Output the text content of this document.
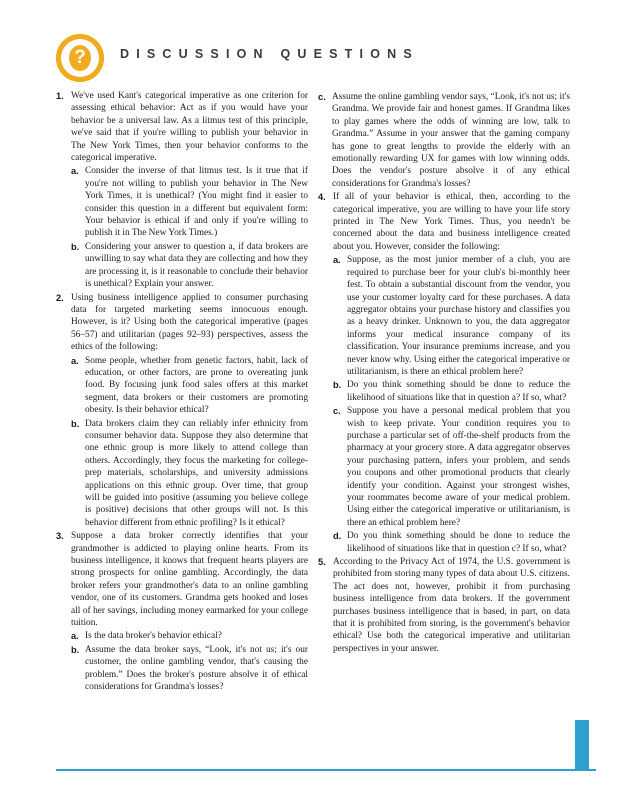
?	DISCUSSION QUESTIONS
1. We've used Kant's categorical imperative as one criterion for assessing ethical behavior: Act as if you would have your behavior be a universal law. As a litmus test of this principle, we've said that if you're willing to publish your behavior in The New York Times, then your behavior conforms to the categorical imperative.
a. Consider the inverse of that litmus test. Is it true that if you're not willing to publish your behavior in The New York Times, it is unethical? (You might find it easier to consider this question in a different but equivalent form: Your behavior is ethical if and only if you're willing to publish it in The New York Times.)
b. Considering your answer to question a, if data brokers are unwilling to say what data they are collecting and how they are processing it, is it reasonable to conclude their behavior is unethical? Explain your answer.
2. Using business intelligence applied to consumer purchasing data for targeted marketing seems innocuous enough. However, is it? Using both the categorical imperative (pages 56–57) and utilitarian (pages 92–93) perspectives, assess the ethics of the following:
a. Some people, whether from genetic factors, habit, lack of education, or other factors, are prone to overeating junk food. By focusing junk food sales offers at this market segment, data brokers or their customers are promoting obesity. Is their behavior ethical?
b. Data brokers claim they can reliably infer ethnicity from consumer behavior data. Suppose they also determine that one ethnic group is more likely to attend college than others. Accordingly, they focus the marketing for college-prep materials, scholarships, and university admissions applications on this ethnic group. Over time, that group will be guided into positive (assuming you believe college is positive) decisions that other groups will not. Is this behavior different from ethnic profiling? Is it ethical?
3. Suppose a data broker correctly identifies that your grandmother is addicted to playing online hearts. From its business intelligence, it knows that frequent hearts players are strong prospects for online gambling. Accordingly, the data broker refers your grandmother's data to an online gambling vendor, one of its customers. Grandma gets hooked and loses all of her savings, including money earmarked for your college tuition.
a. Is the data broker's behavior ethical?
b. Assume the data broker says, “Look, it's not us; it's our customer, the online gambling vendor, that's causing the problem.” Does the broker's posture absolve it of ethical considerations for Grandma's losses?
c. Assume the online gambling vendor says, “Look, it's not us; it's Grandma. We provide fair and honest games. If Grandma likes to play games where the odds of winning are low, talk to Grandma.” Assume in your answer that the gaming company has gone to great lengths to provide the elderly with an emotionally rewarding UX for games with low winning odds. Does the vendor's posture absolve it of any ethical considerations for Grandma's losses?
4. If all of your behavior is ethical, then, according to the categorical imperative, you are willing to have your life story printed in The New York Times. Thus, you needn't be concerned about the data and business intelligence created about you. However, consider the following:
a. Suppose, as the most junior member of a club, you are required to purchase beer for your club's bi-monthly beer fest. To obtain a substantial discount from the vendor, you use your customer loyalty card for these purchases. A data aggregator obtains your purchase history and classifies you as a heavy drinker. Unknown to you, the data aggregator informs your medical insurance company of its classification. Your insurance premiums increase, and you never know why. Using either the categorical imperative or utilitarianism, is there an ethical problem here?
b. Do you think something should be done to reduce the likelihood of situations like that in question a? If so, what?
c. Suppose you have a personal medical problem that you wish to keep private. Your condition requires you to purchase a particular set of off-the-shelf products from the pharmacy at your grocery store. A data aggregator observes your purchasing pattern, infers your problem, and sends you coupons and other promotional products that clearly identify your condition. Against your strongest wishes, your roommates become aware of your medical problem. Using either the categorical imperative or utilitarianism, is there an ethical problem here?
d. Do you think something should be done to reduce the likelihood of situations like that in question c? If so, what?
5. According to the Privacy Act of 1974, the U.S. government is prohibited from storing many types of data about U.S. citizens. The act does not, however, prohibit it from purchasing business intelligence from data brokers. If the government purchases business intelligence that is based, in part, on data that it is prohibited from storing, is the government's behavior ethical? Use both the categorical imperative and utilitarian perspectives in your answer.
